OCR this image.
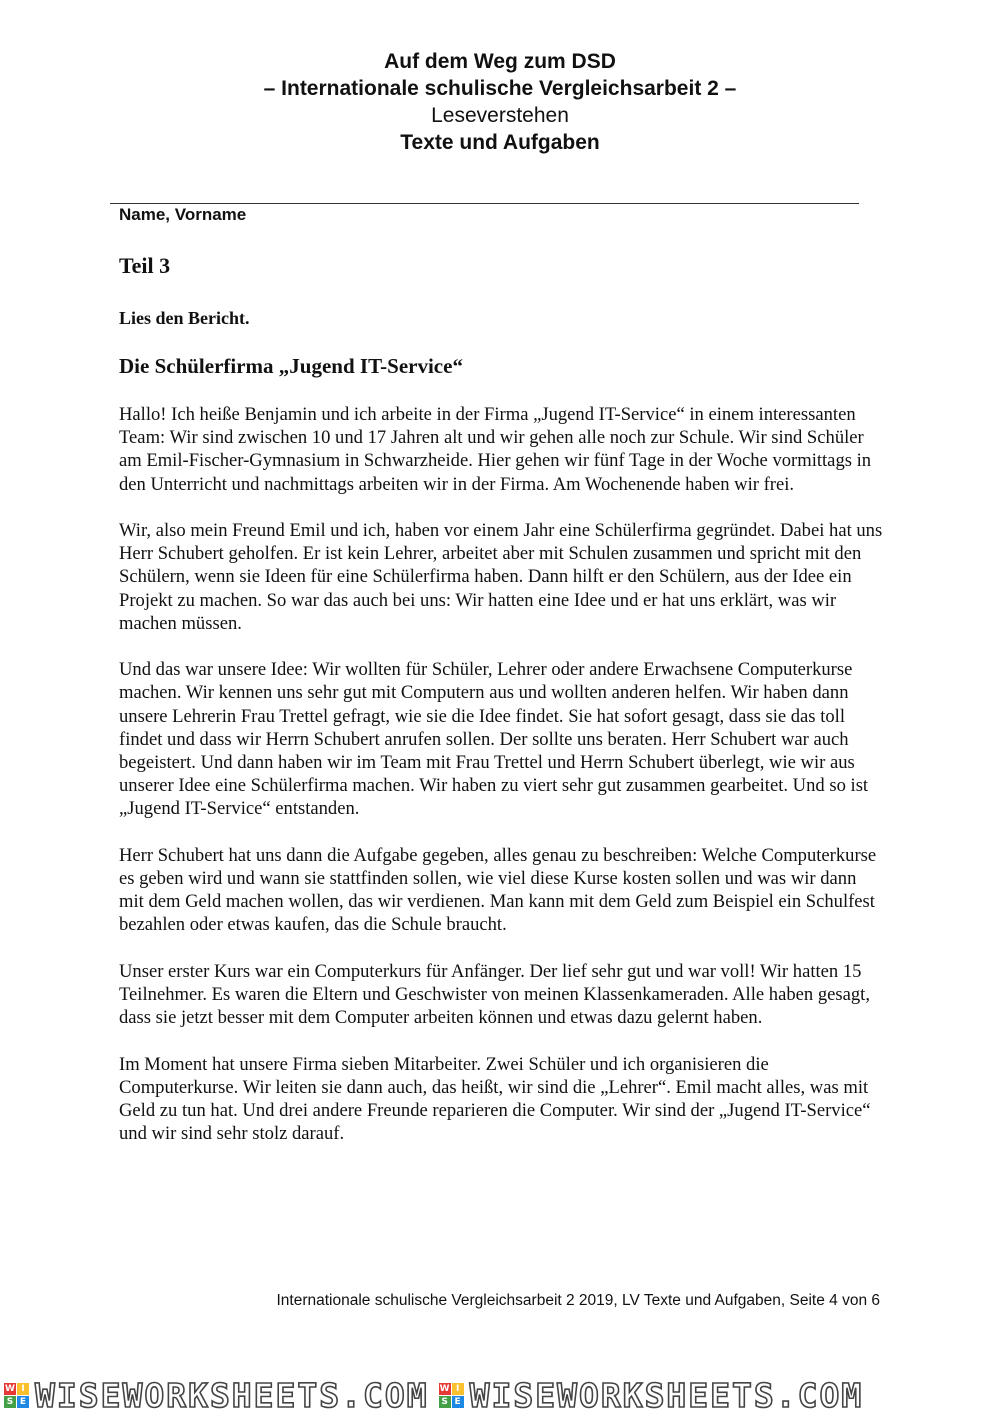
Auf dem Weg zum DSD
– Internationale schulische Vergleichsarbeit 2 –
Leseverstehen
Texte und Aufgaben
Name, Vorname
Teil 3
Lies den Bericht.
Die Schülerfirma „Jugend IT-Service“

Hallo! Ich heiße Benjamin und ich arbeite in der Firma „Jugend IT-Service“ in einem interessanten Team: Wir sind zwischen 10 und 17 Jahren alt und wir gehen alle noch zur Schule. Wir sind Schüler am Emil-Fischer-Gymnasium in Schwarzheide. Hier gehen wir fünf Tage in der Woche vormittags in den Unterricht und nachmittags arbeiten wir in der Firma. Am Wochenende haben wir frei.

Wir, also mein Freund Emil und ich, haben vor einem Jahr eine Schülerfirma gegründet. Dabei hat uns Herr Schubert geholfen. Er ist kein Lehrer, arbeitet aber mit Schulen zusammen und spricht mit den Schülern, wenn sie Ideen für eine Schülerfirma haben. Dann hilft er den Schülern, aus der Idee ein Projekt zu machen. So war das auch bei uns: Wir hatten eine Idee und er hat uns erklärt, was wir machen müssen.

Und das war unsere Idee: Wir wollten für Schüler, Lehrer oder andere Erwachsene Computerkurse machen. Wir kennen uns sehr gut mit Computern aus und wollten anderen helfen. Wir haben dann unsere Lehrerin Frau Trettel gefragt, wie sie die Idee findet. Sie hat sofort gesagt, dass sie das toll findet und dass wir Herrn Schubert anrufen sollen. Der sollte uns beraten. Herr Schubert war auch begeistert. Und dann haben wir im Team mit Frau Trettel und Herrn Schubert überlegt, wie wir aus unserer Idee eine Schülerfirma machen. Wir haben zu viert sehr gut zusammen gearbeitet. Und so ist „Jugend IT-Service“ entstanden.

Herr Schubert hat uns dann die Aufgabe gegeben, alles genau zu beschreiben: Welche Computerkurse es geben wird und wann sie stattfinden sollen, wie viel diese Kurse kosten sollen und was wir dann mit dem Geld machen wollen, das wir verdienen. Man kann mit dem Geld zum Beispiel ein Schulfest bezahlen oder etwas kaufen, das die Schule braucht.

Unser erster Kurs war ein Computerkurs für Anfänger. Der lief sehr gut und war voll! Wir hatten 15 Teilnehmer. Es waren die Eltern und Geschwister von meinen Klassenkameraden. Alle haben gesagt, dass sie jetzt besser mit dem Computer arbeiten können und etwas dazu gelernt haben.

Im Moment hat unsere Firma sieben Mitarbeiter. Zwei Schüler und ich organisieren die Computerkurse. Wir leiten sie dann auch, das heißt, wir sind die „Lehrer“. Emil macht alles, was mit Geld zu tun hat. Und drei andere Freunde reparieren die Computer. Wir sind der „Jugend IT-Service“ und wir sind sehr stolz darauf.

Internationale schulische Vergleichsarbeit 2 2019, LV Texte und Aufgaben, Seite 4 von 6
W I
S E WISEWORKSHEETS.COM W I
S E WISEWORKSHEETS.COM
